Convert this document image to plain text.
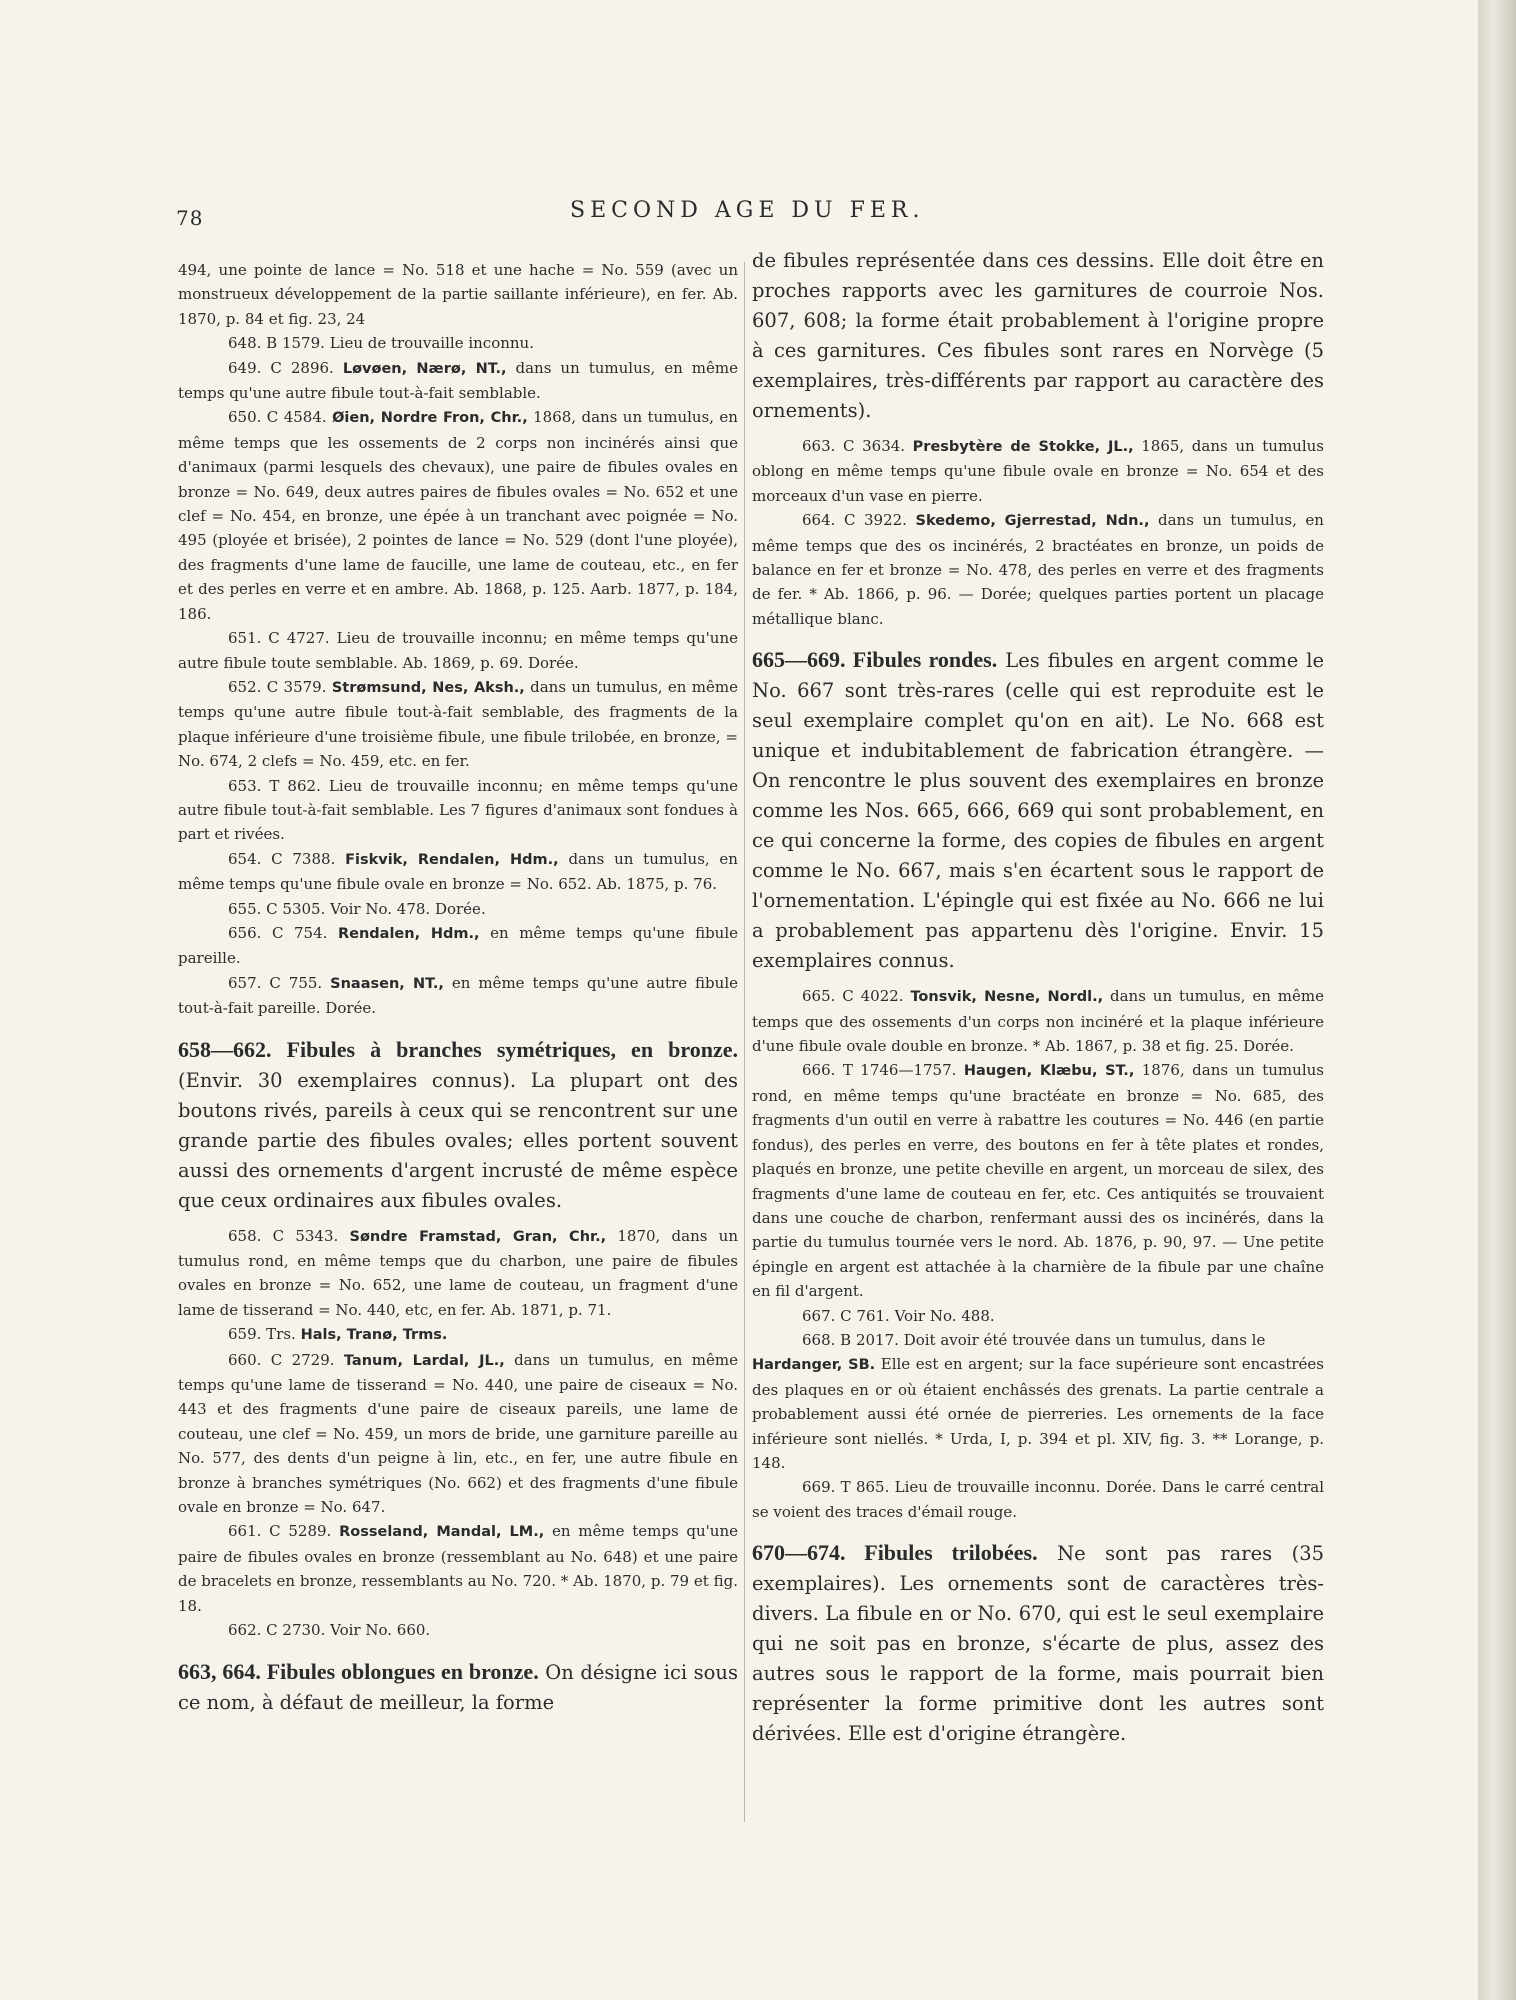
78	SECOND AGE DU FER.

494, une pointe de lance = No. 518 et une hache = No. 559 (avec un monstrueux développement de la partie saillante inférieure), en fer. Ab. 1870, p. 84 et fig. 23, 24

648. B 1579. Lieu de trouvaille inconnu.

649. C 2896. Løvøen, Nærø, NT., dans un tumulus, en même temps qu'une autre fibule tout-à-fait semblable.

650. C 4584. Øien, Nordre Fron, Chr., 1868, dans un tumulus, en même temps que les ossements de 2 corps non incinérés ainsi que d'animaux (parmi lesquels des chevaux), une paire de fibules ovales en bronze = No. 649, deux autres paires de fibules ovales = No. 652 et une clef = No. 454, en bronze, une épée à un tranchant avec poignée = No. 495 (ployée et brisée), 2 pointes de lance = No. 529 (dont l'une ployée), des fragments d'une lame de faucille, une lame de couteau, etc., en fer et des perles en verre et en ambre. Ab. 1868, p. 125. Aarb. 1877, p. 184, 186.

651. C 4727. Lieu de trouvaille inconnu; en même temps qu'une autre fibule toute semblable. Ab. 1869, p. 69. Dorée.

652. C 3579. Strømsund, Nes, Aksh., dans un tumulus, en même temps qu'une autre fibule tout-à-fait semblable, des fragments de la plaque inférieure d'une troisième fibule, une fibule trilobée, en bronze, = No. 674, 2 clefs = No. 459, etc. en fer.

653. T 862. Lieu de trouvaille inconnu; en même temps qu'une autre fibule tout-à-fait semblable. Les 7 figures d'animaux sont fondues à part et rivées.

654. C 7388. Fiskvik, Rendalen, Hdm., dans un tumulus, en même temps qu'une fibule ovale en bronze = No. 652. Ab. 1875, p. 76.

655. C 5305. Voir No. 478. Dorée.

656. C 754. Rendalen, Hdm., en même temps qu'une fibule pareille.

657. C 755. Snaasen, NT., en même temps qu'une autre fibule tout-à-fait pareille. Dorée.

658—662. Fibules à branches symétriques, en bronze. (Envir. 30 exemplaires connus). La plupart ont des boutons rivés, pareils à ceux qui se rencontrent sur une grande partie des fibules ovales; elles portent souvent aussi des ornements d'argent incrusté de même espèce que ceux ordinaires aux fibules ovales.

658. C 5343. Søndre Framstad, Gran, Chr., 1870, dans un tumulus rond, en même temps que du charbon, une paire de fibules ovales en bronze = No. 652, une lame de couteau, un fragment d'une lame de tisserand = No. 440, etc, en fer. Ab. 1871, p. 71.

659. Trs. Hals, Tranø, Trms.

660. C 2729. Tanum, Lardal, JL., dans un tumulus, en même temps qu'une lame de tisserand = No. 440, une paire de ciseaux = No. 443 et des fragments d'une paire de ciseaux pareils, une lame de couteau, une clef = No. 459, un mors de bride, une garniture pareille au No. 577, des dents d'un peigne à lin, etc., en fer, une autre fibule en bronze à branches symétriques (No. 662) et des fragments d'une fibule ovale en bronze = No. 647.

661. C 5289. Rosseland, Mandal, LM., en même temps qu'une paire de fibules ovales en bronze (ressemblant au No. 648) et une paire de bracelets en bronze, ressemblants au No. 720. * Ab. 1870, p. 79 et fig. 18.

662. C 2730. Voir No. 660.

663, 664. Fibules oblongues en bronze. On désigne ici sous ce nom, à défaut de meilleur, la forme

de fibules représentée dans ces dessins. Elle doit être en proches rapports avec les garnitures de courroie Nos. 607, 608; la forme était probablement à l'origine propre à ces garnitures. Ces fibules sont rares en Norvège (5 exemplaires, très-différents par rapport au caractère des ornements).

663. C 3634. Presbytère de Stokke, JL., 1865, dans un tumulus oblong en même temps qu'une fibule ovale en bronze = No. 654 et des morceaux d'un vase en pierre.

664. C 3922. Skedemo, Gjerrestad, Ndn., dans un tumulus, en même temps que des os incinérés, 2 bractéates en bronze, un poids de balance en fer et bronze = No. 478, des perles en verre et des fragments de fer. * Ab. 1866, p. 96. — Dorée; quelques parties portent un placage métallique blanc.

665—669. Fibules rondes. Les fibules en argent comme le No. 667 sont très-rares (celle qui est reproduite est le seul exemplaire complet qu'on en ait). Le No. 668 est unique et indubitablement de fabrication étrangère. — On rencontre le plus souvent des exemplaires en bronze comme les Nos. 665, 666, 669 qui sont probablement, en ce qui concerne la forme, des copies de fibules en argent comme le No. 667, mais s'en écartent sous le rapport de l'ornementation. L'épingle qui est fixée au No. 666 ne lui a probablement pas appartenu dès l'origine. Envir. 15 exemplaires connus.

665. C 4022. Tonsvik, Nesne, Nordl., dans un tumulus, en même temps que des ossements d'un corps non incinéré et la plaque inférieure d'une fibule ovale double en bronze. * Ab. 1867, p. 38 et fig. 25. Dorée.

666. T 1746—1757. Haugen, Klæbu, ST., 1876, dans un tumulus rond, en même temps qu'une bractéate en bronze = No. 685, des fragments d'un outil en verre à rabattre les coutures = No. 446 (en partie fondus), des perles en verre, des boutons en fer à tête plates et rondes, plaqués en bronze, une petite cheville en argent, un morceau de silex, des fragments d'une lame de couteau en fer, etc. Ces antiquités se trouvaient dans une couche de charbon, renfermant aussi des os incinérés, dans la partie du tumulus tournée vers le nord. Ab. 1876, p. 90, 97. — Une petite épingle en argent est attachée à la charnière de la fibule par une chaîne en fil d'argent.

667. C 761. Voir No. 488.

668. B 2017. Doit avoir été trouvée dans un tumulus, dans le

Hardanger, SB. Elle est en argent; sur la face supérieure sont encastrées des plaques en or où étaient enchâssés des grenats. La partie centrale a probablement aussi été ornée de pierreries. Les ornements de la face inférieure sont niellés. * Urda, I, p. 394 et pl. XIV, fig. 3. ** Lorange, p. 148.

669. T 865. Lieu de trouvaille inconnu. Dorée. Dans le carré central se voient des traces d'émail rouge.

670—674. Fibules trilobées. Ne sont pas rares (35 exemplaires). Les ornements sont de caractères très-divers. La fibule en or No. 670, qui est le seul exemplaire qui ne soit pas en bronze, s'écarte de plus, assez des autres sous le rapport de la forme, mais pourrait bien représenter la forme primitive dont les autres sont dérivées. Elle est d'origine étrangère.
